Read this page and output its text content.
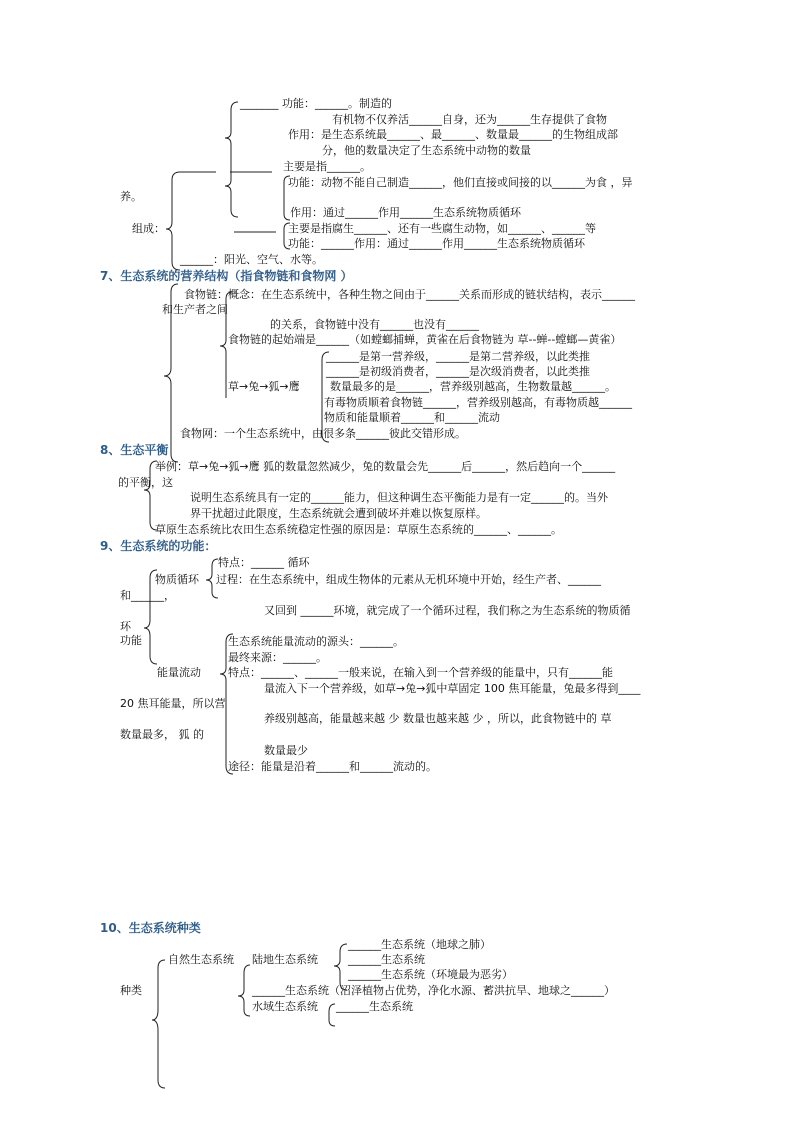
_______ 功能：______。制造的
有机物不仅养活______自身，还为______生存提供了食物
作用：是生态系统最______、最______、数量最______的生物组成部
分，他的数量决定了生态系统中动物的数量
养。
主要是指______。
功能：动物不能自己制造______，他们直接或间接的以______为食 ，异
作用：通过______作用______生态系统物质循环
组成：	主要是指腐生______、还有一些腐生动物，如______、______等
功能：______作用：通过______作用______生态系统物质循环
______：阳光、空气、水等。
7、生态系统的营养结构（指食物链和食物网 ）
食物链：概念：在生态系统中，各种生物之间由于______关系而形成的链状结构，表示______
和生产者之间
的关系，食物链中没有______也没有______
食物链的起始端是______（如螳螂捕蝉，黄雀在后食物链为 草--蝉--螳螂—黄雀）
______是第一营养级，______是第二营养级，以此类推
______是初级消费者，______是次级消费者，以此类推
草→兔→狐→鹰	数量最多的是______，营养级别越高，生物数量越______。
有毒物质顺着食物链______，营养级别越高，有毒物质越______
物质和能量顺着______和______流动
食物网：一个生态系统中，由很多条______彼此交错形成。
8、生态平衡
举例：草→兔→狐→鹰 狐的数量忽然减少，兔的数量会先______后______，然后趋向一个______
的平衡，这
说明生态系统具有一定的______能力，但这种调生态平衡能力是有一定______的。当外
界干扰超过此限度，生态系统就会遭到破坏并难以恢复原样。
草原生态系统比农田生态系统稳定性强的原因是：草原生态系统的______、______。
9、生态系统的功能：
特点：______ 循环
物质循环 过程：在生态系统中，组成生物体的元素从无机环境中开始，经生产者、______
和______，
又回到 ______环境，就完成了一个循环过程，我们称之为生态系统的物质循
环
功能	生态系统能量流动的源头：______。
最终来源：______。
能量流动 特点：______、______一般来说，在输入到一个营养级的能量中，只有______能
量流入下一个营养级，如草→兔→狐中草固定 100 焦耳能量，兔最多得到____
20 焦耳能量，所以营
养级别越高，能量越来越 少 数量也越来越 少 ，所以，此食物链中的 草
数量最多， 狐 的
数量最少
途径：能量是沿着______和______流动的。
10、生态系统种类
自然生态系统 陆地生态系统
______生态系统（地球之肺）
______生态系统
______生态系统（环境最为恶劣）
种类	______生态系统（沼泽植物占优势，净化水源、蓄洪抗旱、地球之______）
水域生态系统 ______生态系统
